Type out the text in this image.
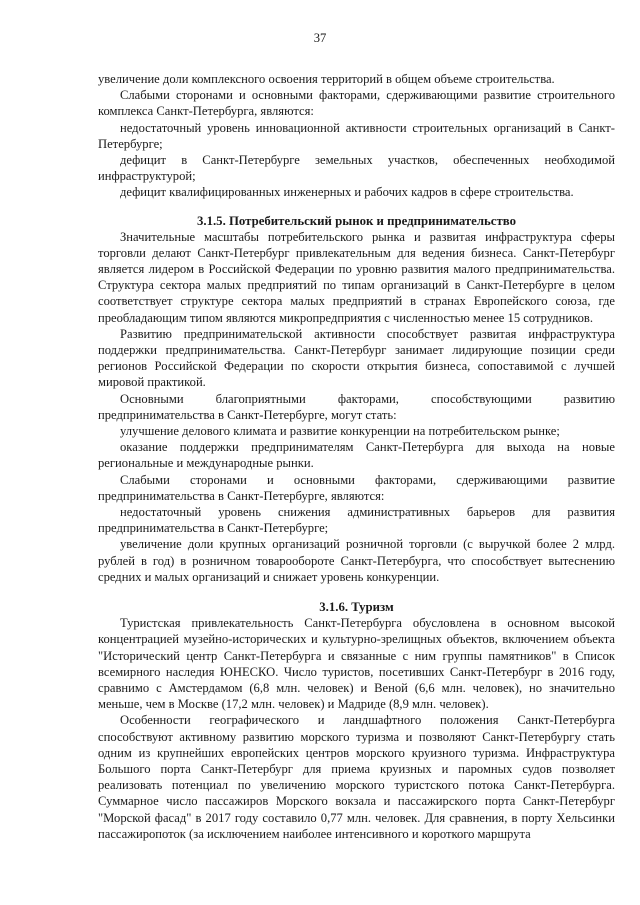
37

увеличение доли комплексного освоения территорий в общем объеме строительства.

Слабыми сторонами и основными факторами, сдерживающими развитие строительного комплекса Санкт-Петербурга, являются:

недостаточный уровень инновационной активности строительных организаций в Санкт-Петербурге;

дефицит в Санкт-Петербурге земельных участков, обеспеченных необходимой инфраструктурой;

дефицит квалифицированных инженерных и рабочих кадров в сфере строительства.

3.1.5. Потребительский рынок и предпринимательство

Значительные масштабы потребительского рынка и развитая инфраструктура сферы торговли делают Санкт-Петербург привлекательным для ведения бизнеса. Санкт-Петербург является лидером в Российской Федерации по уровню развития малого предпринимательства. Структура сектора малых предприятий по типам организаций в Санкт-Петербурге в целом соответствует структуре сектора малых предприятий в странах Европейского союза, где преобладающим типом являются микропредприятия с численностью менее 15 сотрудников.

Развитию предпринимательской активности способствует развитая инфраструктура поддержки предпринимательства. Санкт-Петербург занимает лидирующие позиции среди регионов Российской Федерации по скорости открытия бизнеса, сопоставимой с лучшей мировой практикой.

Основными благоприятными факторами, способствующими развитию предпринимательства в Санкт-Петербурге, могут стать:

улучшение делового климата и развитие конкуренции на потребительском рынке;

оказание поддержки предпринимателям Санкт-Петербурга для выхода на новые региональные и международные рынки.

Слабыми сторонами и основными факторами, сдерживающими развитие предпринимательства в Санкт-Петербурге, являются:

недостаточный уровень снижения административных барьеров для развития предпринимательства в Санкт-Петербурге;

увеличение доли крупных организаций розничной торговли (с выручкой более 2 млрд. рублей в год) в розничном товарообороте Санкт-Петербурга, что способствует вытеснению средних и малых организаций и снижает уровень конкуренции.

3.1.6. Туризм

Туристская привлекательность Санкт-Петербурга обусловлена в основном высокой концентрацией музейно-исторических и культурно-зрелищных объектов, включением объекта "Исторический центр Санкт-Петербурга и связанные с ним группы памятников" в Список всемирного наследия ЮНЕСКО. Число туристов, посетивших Санкт-Петербург в 2016 году, сравнимо с Амстердамом (6,8 млн. человек) и Веной (6,6 млн. человек), но значительно меньше, чем в Москве (17,2 млн. человек) и Мадриде (8,9 млн. человек).

Особенности географического и ландшафтного положения Санкт-Петербурга способствуют активному развитию морского туризма и позволяют Санкт-Петербургу стать одним из крупнейших европейских центров морского круизного туризма. Инфраструктура Большого порта Санкт-Петербург для приема круизных и паромных судов позволяет реализовать потенциал по увеличению морского туристского потока Санкт-Петербурга. Суммарное число пассажиров Морского вокзала и пассажирского порта Санкт-Петербург "Морской фасад" в 2017 году составило 0,77 млн. человек. Для сравнения, в порту Хельсинки пассажиропоток (за исключением наиболее интенсивного и короткого маршрута
